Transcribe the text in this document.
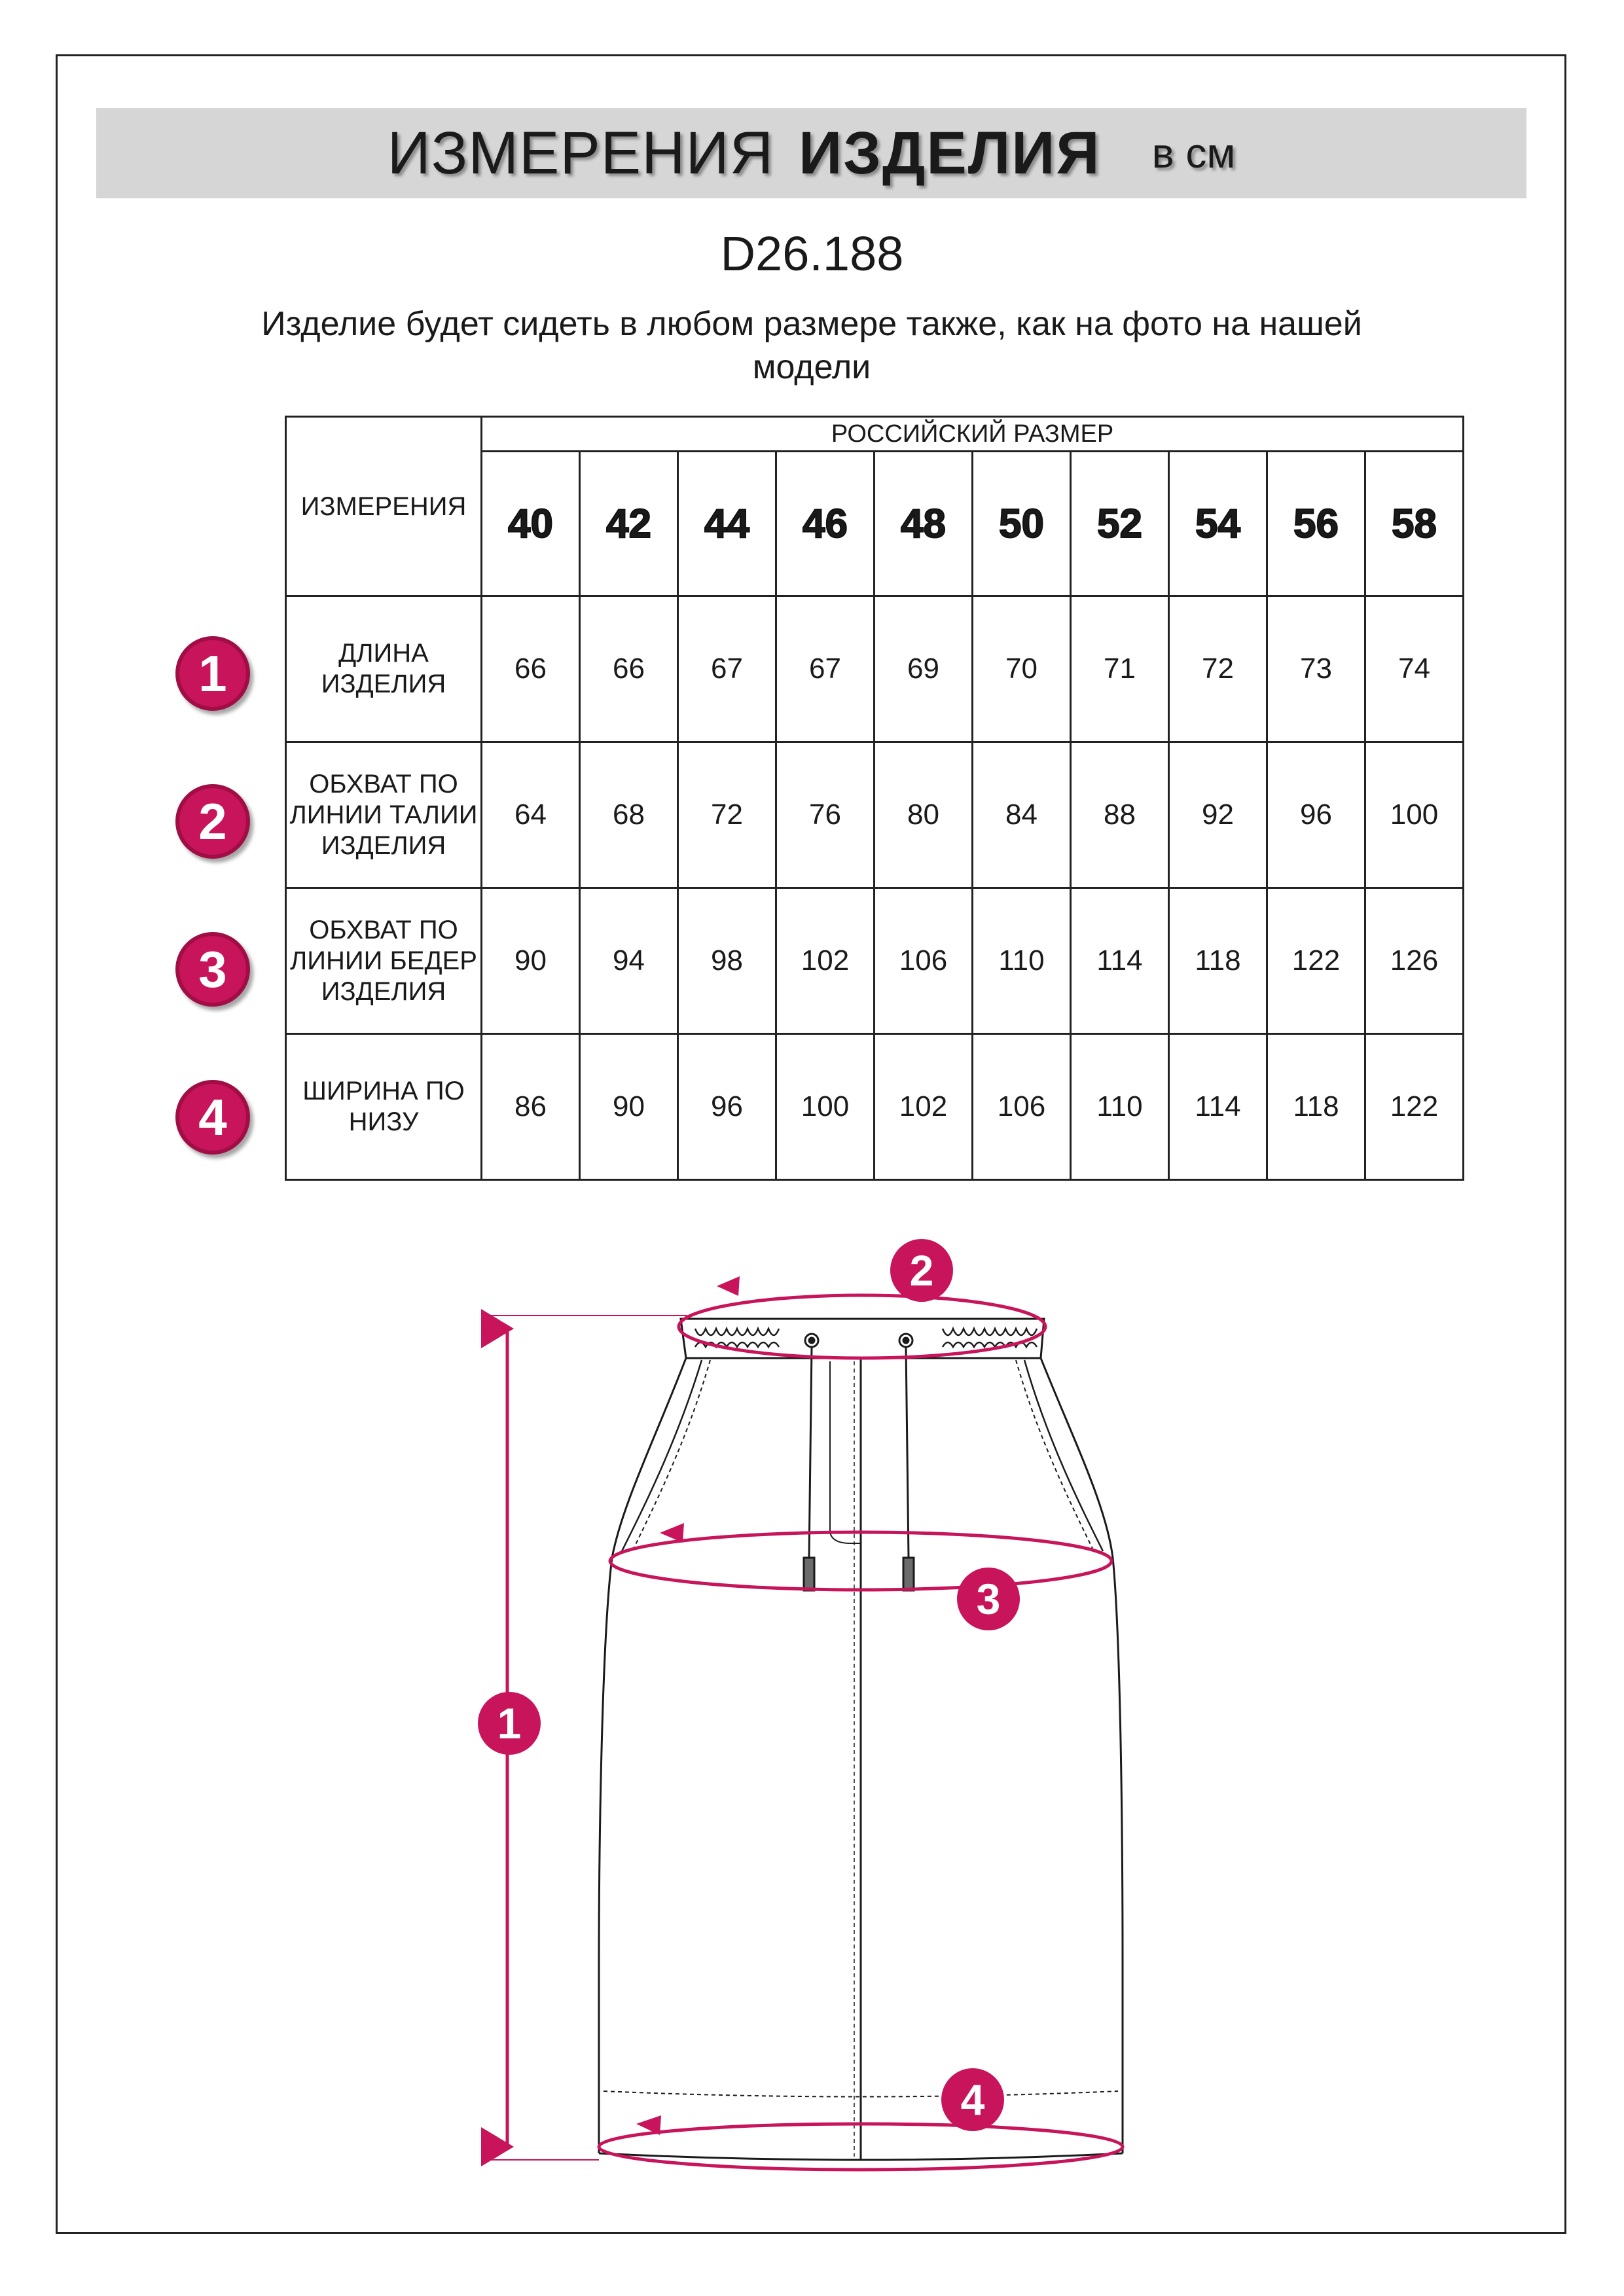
ИЗМЕРЕНИЯ ИЗДЕЛИЯ в см
D26.188
Изделие будет сидеть в любом размере также, как на фото на нашей модели
ИЗМЕРЕНИЯ	РОССИЙСКИЙ РАЗМЕР									
	40	42	44	46	48	50	52	54	56	58
ДЛИНА ИЗДЕЛИЯ	66	66	67	67	69	70	71	72	73	74
ОБХВАТ ПО ЛИНИИ ТАЛИИ ИЗДЕЛИЯ	64	68	72	76	80	84	88	92	96	100
ОБХВАТ ПО ЛИНИИ БЕДЕР ИЗДЕЛИЯ	90	94	98	102	106	110	114	118	122	126
ШИРИНА ПО НИЗУ	86	90	96	100	102	106	110	114	118	122
1
2
3
4
1
2
3
4
